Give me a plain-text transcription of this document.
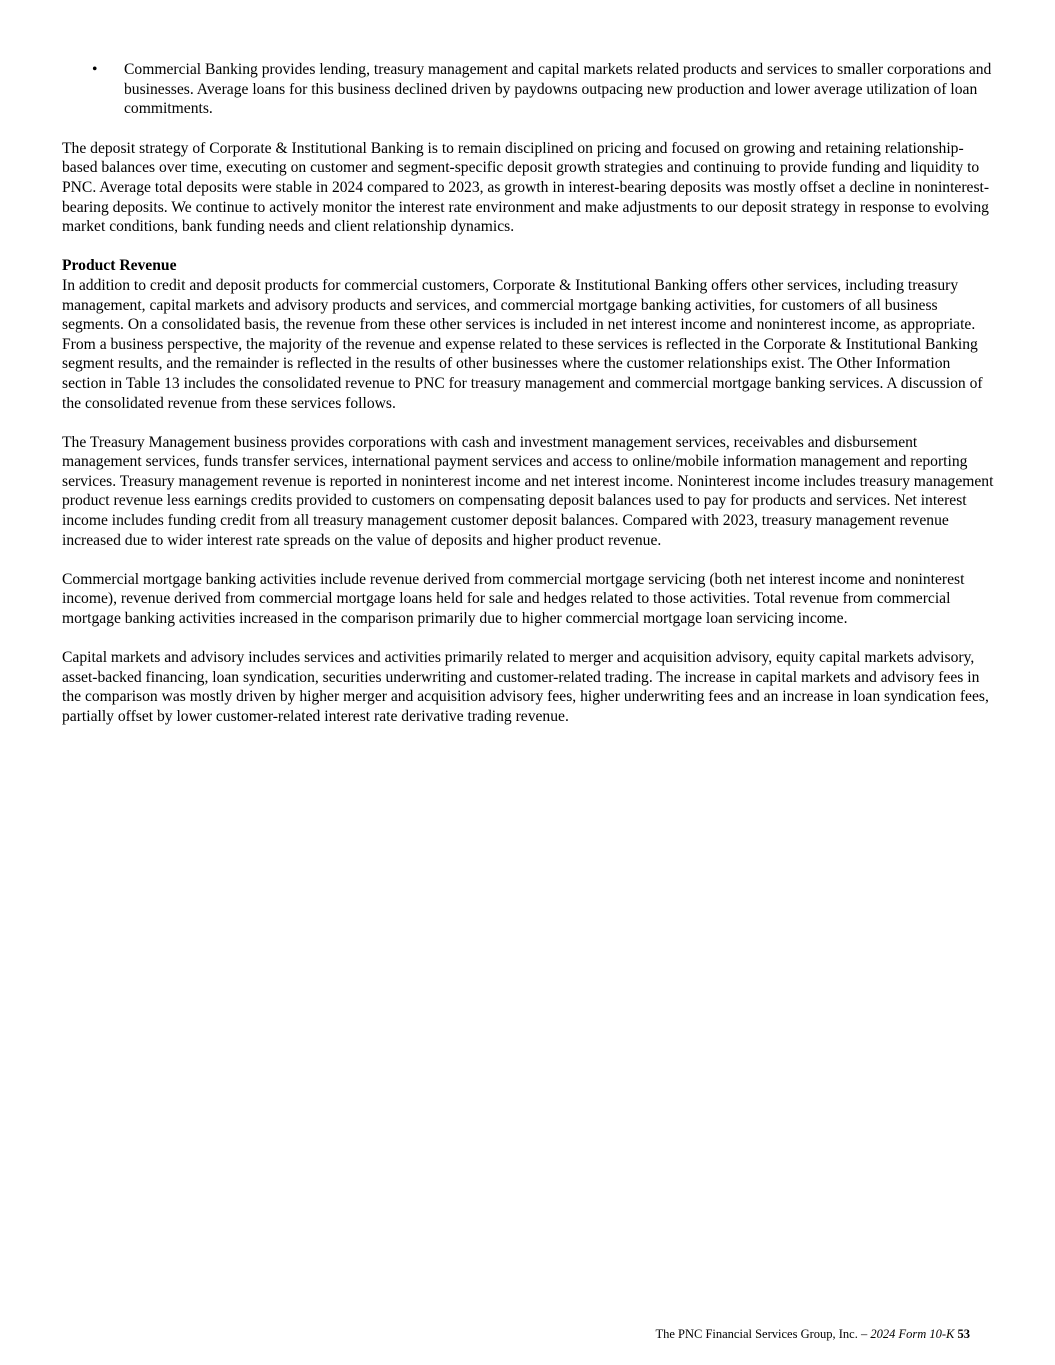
• Commercial Banking provides lending, treasury management and capital markets related products and services to smaller corporations and businesses. Average loans for this business declined driven by paydowns outpacing new production and lower average utilization of loan commitments.

The deposit strategy of Corporate & Institutional Banking is to remain disciplined on pricing and focused on growing and retaining relationship-based balances over time, executing on customer and segment-specific deposit growth strategies and continuing to provide funding and liquidity to PNC. Average total deposits were stable in 2024 compared to 2023, as growth in interest-bearing deposits was mostly offset a decline in noninterest-bearing deposits. We continue to actively monitor the interest rate environment and make adjustments to our deposit strategy in response to evolving market conditions, bank funding needs and client relationship dynamics.

Product Revenue

In addition to credit and deposit products for commercial customers, Corporate & Institutional Banking offers other services, including treasury management, capital markets and advisory products and services, and commercial mortgage banking activities, for customers of all business segments. On a consolidated basis, the revenue from these other services is included in net interest income and noninterest income, as appropriate. From a business perspective, the majority of the revenue and expense related to these services is reflected in the Corporate & Institutional Banking segment results, and the remainder is reflected in the results of other businesses where the customer relationships exist. The Other Information section in Table 13 includes the consolidated revenue to PNC for treasury management and commercial mortgage banking services. A discussion of the consolidated revenue from these services follows.

The Treasury Management business provides corporations with cash and investment management services, receivables and disbursement management services, funds transfer services, international payment services and access to online/mobile information management and reporting services. Treasury management revenue is reported in noninterest income and net interest income. Noninterest income includes treasury management product revenue less earnings credits provided to customers on compensating deposit balances used to pay for products and services. Net interest income includes funding credit from all treasury management customer deposit balances. Compared with 2023, treasury management revenue increased due to wider interest rate spreads on the value of deposits and higher product revenue.

Commercial mortgage banking activities include revenue derived from commercial mortgage servicing (both net interest income and noninterest income), revenue derived from commercial mortgage loans held for sale and hedges related to those activities. Total revenue from commercial mortgage banking activities increased in the comparison primarily due to higher commercial mortgage loan servicing income.

Capital markets and advisory includes services and activities primarily related to merger and acquisition advisory, equity capital markets advisory, asset-backed financing, loan syndication, securities underwriting and customer-related trading. The increase in capital markets and advisory fees in the comparison was mostly driven by higher merger and acquisition advisory fees, higher underwriting fees and an increase in loan syndication fees, partially offset by lower customer-related interest rate derivative trading revenue.

The PNC Financial Services Group, Inc. – 2024 Form 10-K 53
